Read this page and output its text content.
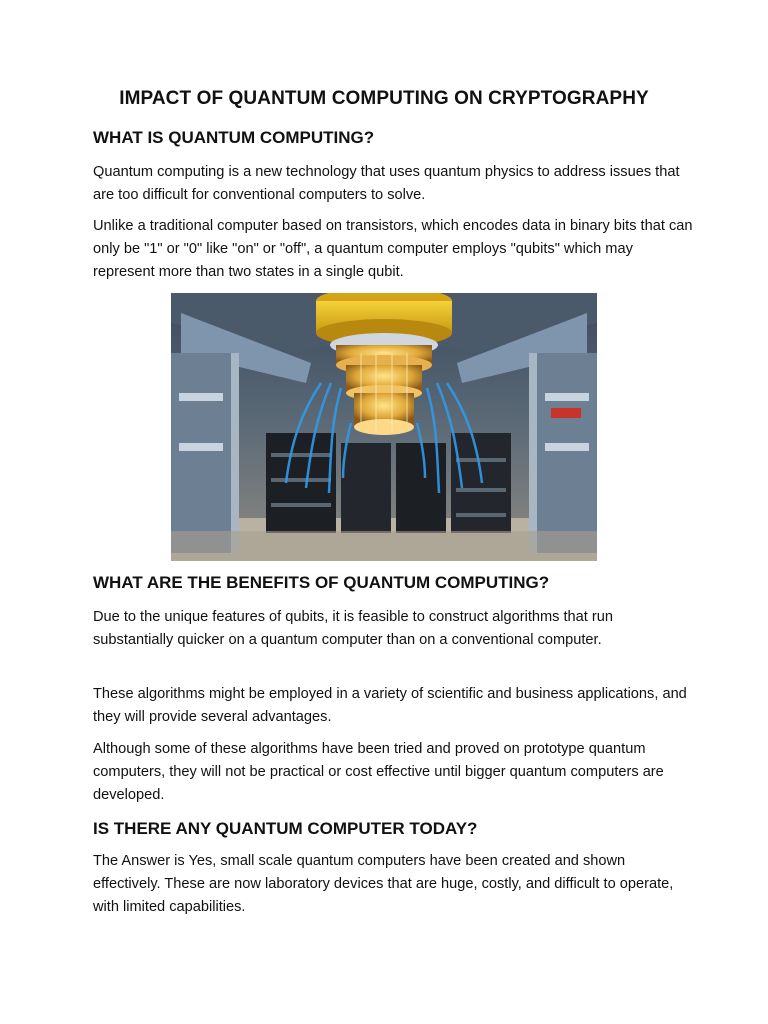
IMPACT OF QUANTUM COMPUTING ON CRYPTOGRAPHY
WHAT IS QUANTUM COMPUTING?

Quantum computing is a new technology that uses quantum physics to address issues that are too difficult for conventional computers to solve.

Unlike a traditional computer based on transistors, which encodes data in binary bits that can only be "1" or "0" like "on" or "off", a quantum computer employs "qubits" which may represent more than two states in a single qubit.

WHAT ARE THE BENEFITS OF QUANTUM COMPUTING?

Due to the unique features of qubits, it is feasible to construct algorithms that run substantially quicker on a quantum computer than on a conventional computer.

These algorithms might be employed in a variety of scientific and business applications, and they will provide several advantages.

Although some of these algorithms have been tried and proved on prototype quantum computers, they will not be practical or cost effective until bigger quantum computers are developed.

IS THERE ANY QUANTUM COMPUTER TODAY?

The Answer is Yes, small scale quantum computers have been created and shown effectively. These are now laboratory devices that are huge, costly, and difficult to operate, with limited capabilities.
